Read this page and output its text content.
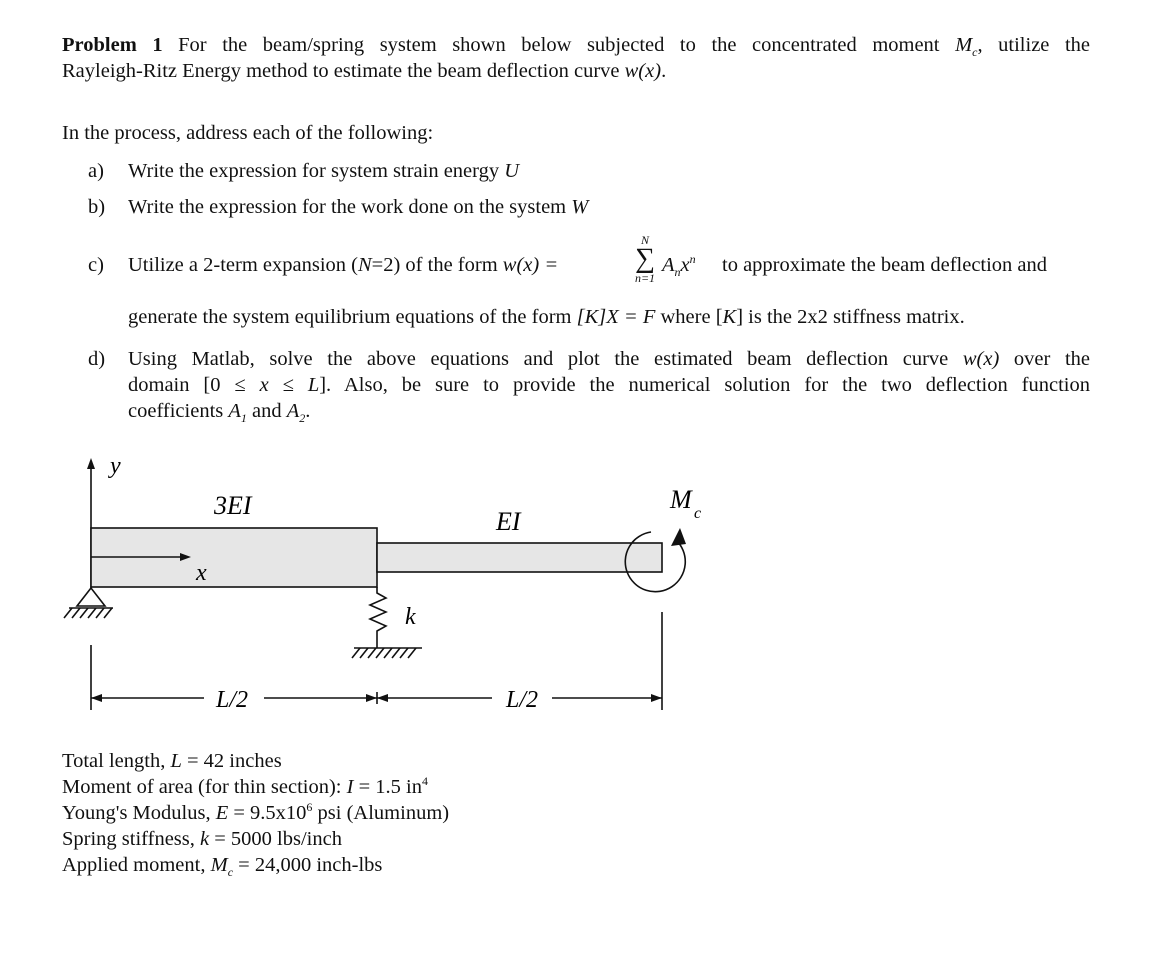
Problem 1 For the beam/spring system shown below subjected to the concentrated moment $M_c$, utilize the
Rayleigh-Ritz Energy method to estimate the beam deflection curve w(x).
In the process, address each of the following:
a)	Write the expression for system strain energy U
b)	Write the expression for the work done on the system W
c)	Utilize a 2-term expansion (N=2) of the form w(x) =
N
∑
n=1
$A_nx^n$ to approximate the beam deflection and
generate the system equilibrium equations of the form [K]X = F where [K] is the 2x2 stiffness matrix.
d)	Using Matlab, solve the above equations and plot the estimated beam deflection curve w(x) over the
domain [0 ≤ x ≤ L]. Also, be sure to provide the numerical solution for the two deflection function
coefficients $A_1$ and $A_2$.
y
x
3EI
EI
k
M c
L/2	L/2
Total length, L = 42 inches
Moment of area (for thin section): I = 1.5 $in^4$
Young's Modulus, $E = 9.5x10^6$ psi (Aluminum)
Spring stiffness, k = 5000 lbs/inch
Applied moment, $M_c = 24,000$ inch-lbs
